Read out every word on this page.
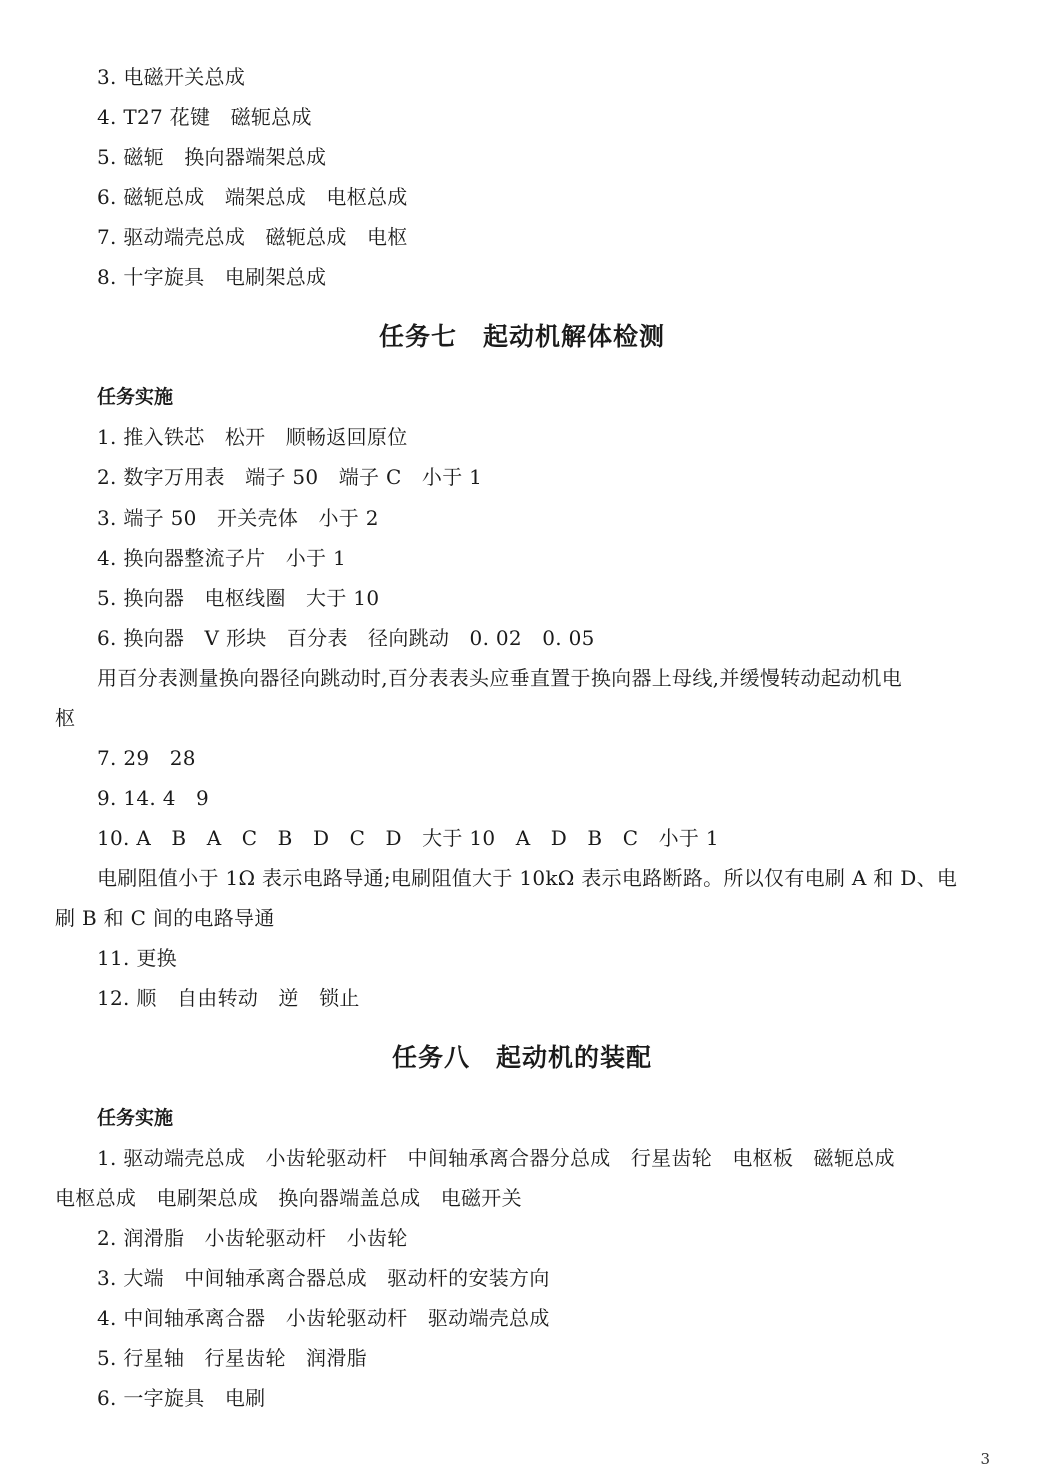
3. 电磁开关总成
4. T27 花键　磁轭总成
5. 磁轭　换向器端架总成
6. 磁轭总成　端架总成　电枢总成
7. 驱动端壳总成　磁轭总成　电枢
8. 十字旋具　电刷架总成
任务七　起动机解体检测
任务实施
1. 推入铁芯　松开　顺畅返回原位
2. 数字万用表　端子 50　端子 C　小于 1
3. 端子 50　开关壳体　小于 2
4. 换向器整流子片　小于 1
5. 换向器　电枢线圈　大于 10
6. 换向器　V 形块　百分表　径向跳动　0. 02　0. 05
用百分表测量换向器径向跳动时,百分表表头应垂直置于换向器上母线,并缓慢转动起动机电
枢
7. 29　28
9. 14. 4　9
10. A　B　A　C　B　D　C　D　大于 10　A　D　B　C　小于 1
电刷阻值小于 1Ω 表示电路导通;电刷阻值大于 10kΩ 表示电路断路。所以仅有电刷 A 和 D、电
刷 B 和 C 间的电路导通
11. 更换
12. 顺　自由转动　逆　锁止
任务八　起动机的装配
任务实施
1. 驱动端壳总成　小齿轮驱动杆　中间轴承离合器分总成　行星齿轮　电枢板　磁轭总成
电枢总成　电刷架总成　换向器端盖总成　电磁开关
2. 润滑脂　小齿轮驱动杆　小齿轮
3. 大端　中间轴承离合器总成　驱动杆的安装方向
4. 中间轴承离合器　小齿轮驱动杆　驱动端壳总成
5. 行星轴　行星齿轮　润滑脂
6. 一字旋具　电刷
3
